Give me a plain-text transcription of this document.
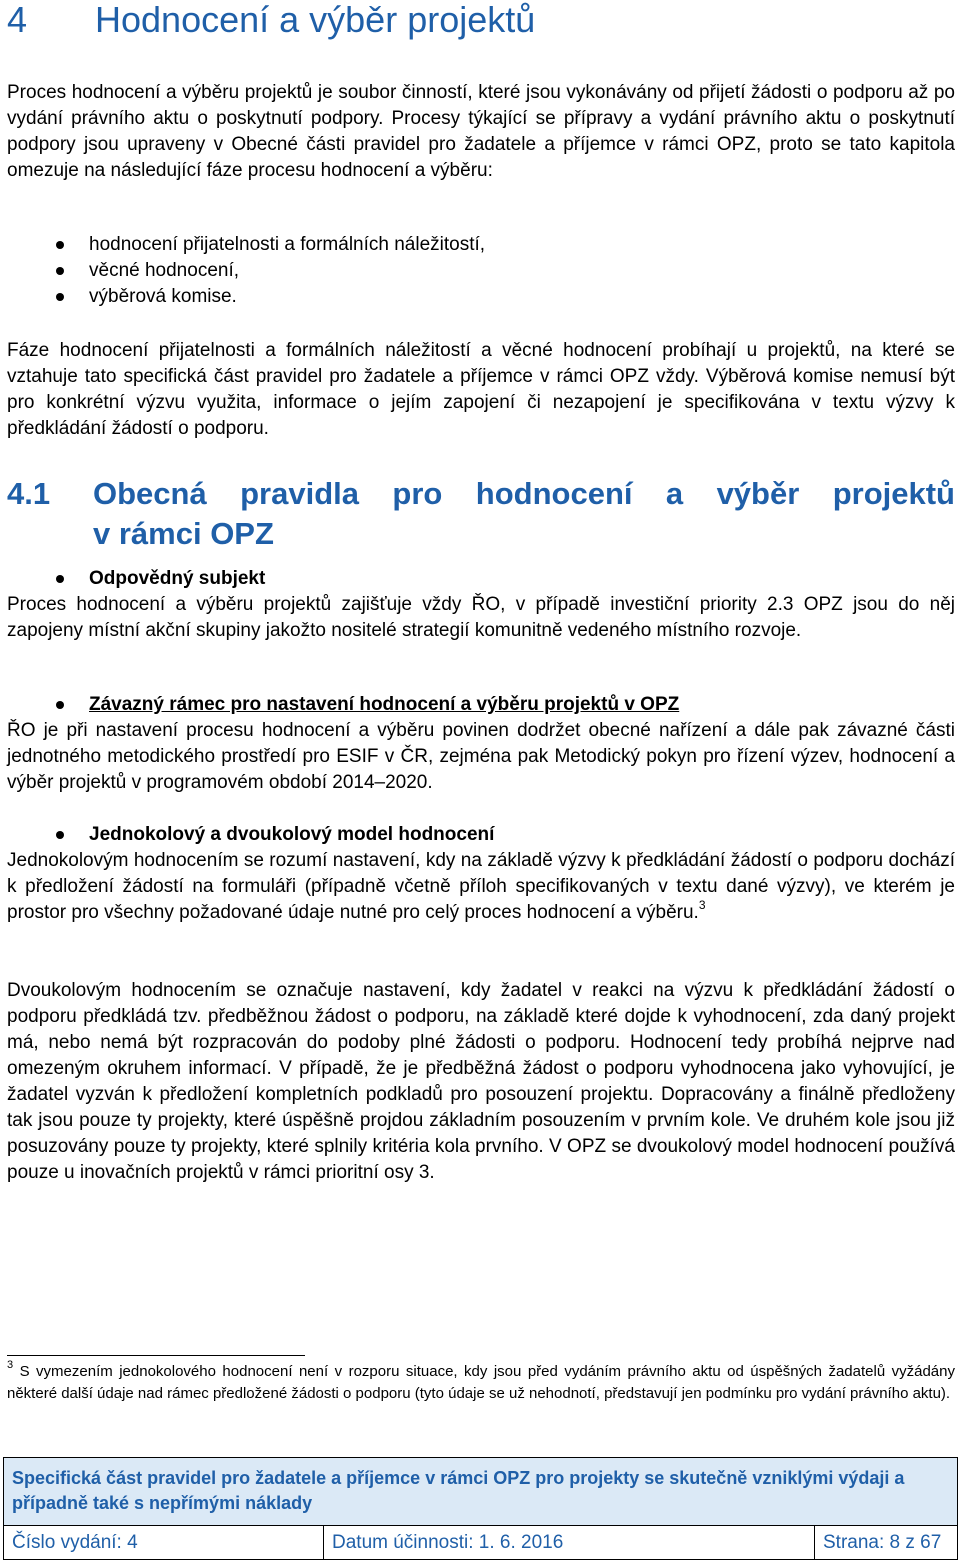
4 Hodnocení a výběr projektů

Proces hodnocení a výběru projektů je soubor činností, které jsou vykonávány od přijetí žádosti o podporu až po vydání právního aktu o poskytnutí podpory. Procesy týkající se přípravy a vydání právního aktu o poskytnutí podpory jsou upraveny v Obecné části pravidel pro žadatele a příjemce v rámci OPZ, proto se tato kapitola omezuje na následující fáze procesu hodnocení a výběru:

hodnocení přijatelnosti a formálních náležitostí,
věcné hodnocení,
výběrová komise.

Fáze hodnocení přijatelnosti a formálních náležitostí a věcné hodnocení probíhají u projektů, na které se vztahuje tato specifická část pravidel pro žadatele a příjemce v rámci OPZ vždy. Výběrová komise nemusí být pro konkrétní výzvu využita, informace o jejím zapojení či nezapojení je specifikována v textu výzvy k předkládání žádostí o podporu.

4.1 Obecná pravidla pro hodnocení a výběr projektů
v rámci OPZ
Odpovědný subjekt

Proces hodnocení a výběru projektů zajišťuje vždy ŘO, v případě investiční priority 2.3 OPZ jsou do něj zapojeny místní akční skupiny jakožto nositelé strategií komunitně vedeného místního rozvoje.

Závazný rámec pro nastavení hodnocení a výběru projektů v OPZ

ŘO je při nastavení procesu hodnocení a výběru povinen dodržet obecné nařízení a dále pak závazné části jednotného metodického prostředí pro ESIF v ČR, zejména pak Metodický pokyn pro řízení výzev, hodnocení a výběr projektů v programovém období 2014–2020.

Jednokolový a dvoukolový model hodnocení

Jednokolovým hodnocením se rozumí nastavení, kdy na základě výzvy k předkládání žádostí o podporu dochází k předložení žádostí na formuláři (případně včetně příloh specifikovaných v textu dané výzvy), ve kterém je prostor pro všechny požadované údaje nutné pro celý proces hodnocení a výběru.$^3$

Dvoukolovým hodnocením se označuje nastavení, kdy žadatel v reakci na výzvu k předkládání žádostí o podporu předkládá tzv. předběžnou žádost o podporu, na základě které dojde k vyhodnocení, zda daný projekt má, nebo nemá být rozpracován do podoby plné žádosti o podporu. Hodnocení tedy probíhá nejprve nad omezeným okruhem informací. V případě, že je předběžná žádost o podporu vyhodnocena jako vyhovující, je žadatel vyzván k předložení kompletních podkladů pro posouzení projektu. Dopracovány a finálně předloženy tak jsou pouze ty projekty, které úspěšně projdou základním posouzením v prvním kole. Ve druhém kole jsou již posuzovány pouze ty projekty, které splnily kritéria kola prvního. V OPZ se dvoukolový model hodnocení používá pouze u inovačních projektů v rámci prioritní osy 3.

$^3$ S vymezením jednokolového hodnocení není v rozporu situace, kdy jsou před vydáním právního aktu od úspěšných žadatelů vyžádány některé další údaje nad rámec předložené žádosti o podporu (tyto údaje se už nehodnotí, představují jen podmínku pro vydání právního aktu).

Specifická část pravidel pro žadatele a příjemce v rámci OPZ pro projekty se skutečně vzniklými výdaji a případně také s nepřímými náklady
Číslo vydání: 4	Datum účinnosti: 1. 6. 2016	Strana: 8 z 67
